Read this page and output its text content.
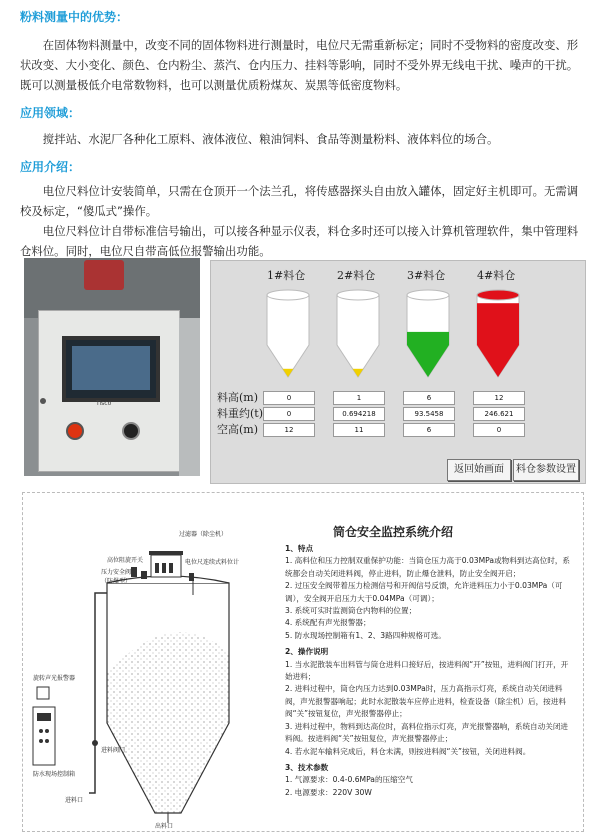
粉料测量中的优势：

在固体物料测量中，改变不同的固体物料进行测量时，电位尺无需重新标定；同时不受物料的密度改变、形状改变、大小变化、颜色、仓内粉尘、蒸汽、仓内压力、挂料等影响，同时不受外界无线电干扰、噪声的干扰。既可以测量极低介电常数物料，也可以测量优质粉煤灰、炭黑等低密度物料。

应用领域：

搅拌站、水泥厂各种化工原料、液体液位、粮油饲料、食品等测量粉料、液体料位的场合。

应用介绍：

电位尺料位计安装简单，只需在仓顶开一个法兰孔，将传感器探头自由放入罐体，固定好主机即可。无需调校及标定，“傻瓜式”操作。

电位尺料位计自带标准信号输出，可以接各种显示仪表，料仓多时还可以接入计算机管理软件，集中管理料仓料位。同时，电位尺自带高低位报警输出功能。

Tisco
1#料仓
0
0
12
2#料仓
1
0.694218
11
3#料仓
6
93.5458
6
4#料仓
12
246.621
0
料高(m)
料重约(t)
空高(m)
返回始画面	料仓参数设置
筒仓安全监控系统介绍
过滤器（除尘机）
高位阻旋开关
压力安全阀（防爆型）
电位尺连续式料位计
旋转声光报警器
防水现场控制箱
进料阀门
进料口
出料口
1、特点
1. 高料位和压力控制双重保护功能：当筒仓压力高于0.03MPa或物料到达高位时，系统都会自动关闭进料阀，停止进料，防止爆仓泄料，防止安全阀开启；
2. 过压安全阀带着压力检测信号和开阀信号反馈，允许进料压力小于0.03MPa（可调），安全阀开启压力大于0.04MPa（可调）；
3. 系统可实时监测筒仓内物料的位置；
4. 系统配有声光报警器；
5. 防水现场控制箱有1、2、3路四种规格可选。
2、操作说明
1. 当水泥散装车出料管与筒仓进料口接好后，按进料阀“开”按钮，进料阀门打开，开始进料；
2. 进料过程中，筒仓内压力达到0.03MPa时，压力高指示灯亮，系统自动关闭进料阀，声光报警器响起；此时水泥散装车应停止进料，检查设备（除尘机）后，按进料阀“关”按钮复位，声光报警器停止；
3. 进料过程中，物料到达高位时，高料位指示灯亮，声光报警器响，系统自动关闭进料阀。按进料阀“关”按钮复位，声光报警器停止；
4. 若水泥车输料完成后，料仓未满，则按进料阀“关”按钮，关闭进料阀。
3、技术参数
1. 气源要求：0.4-0.6MPa的压缩空气
2. 电源要求：220V 30W
